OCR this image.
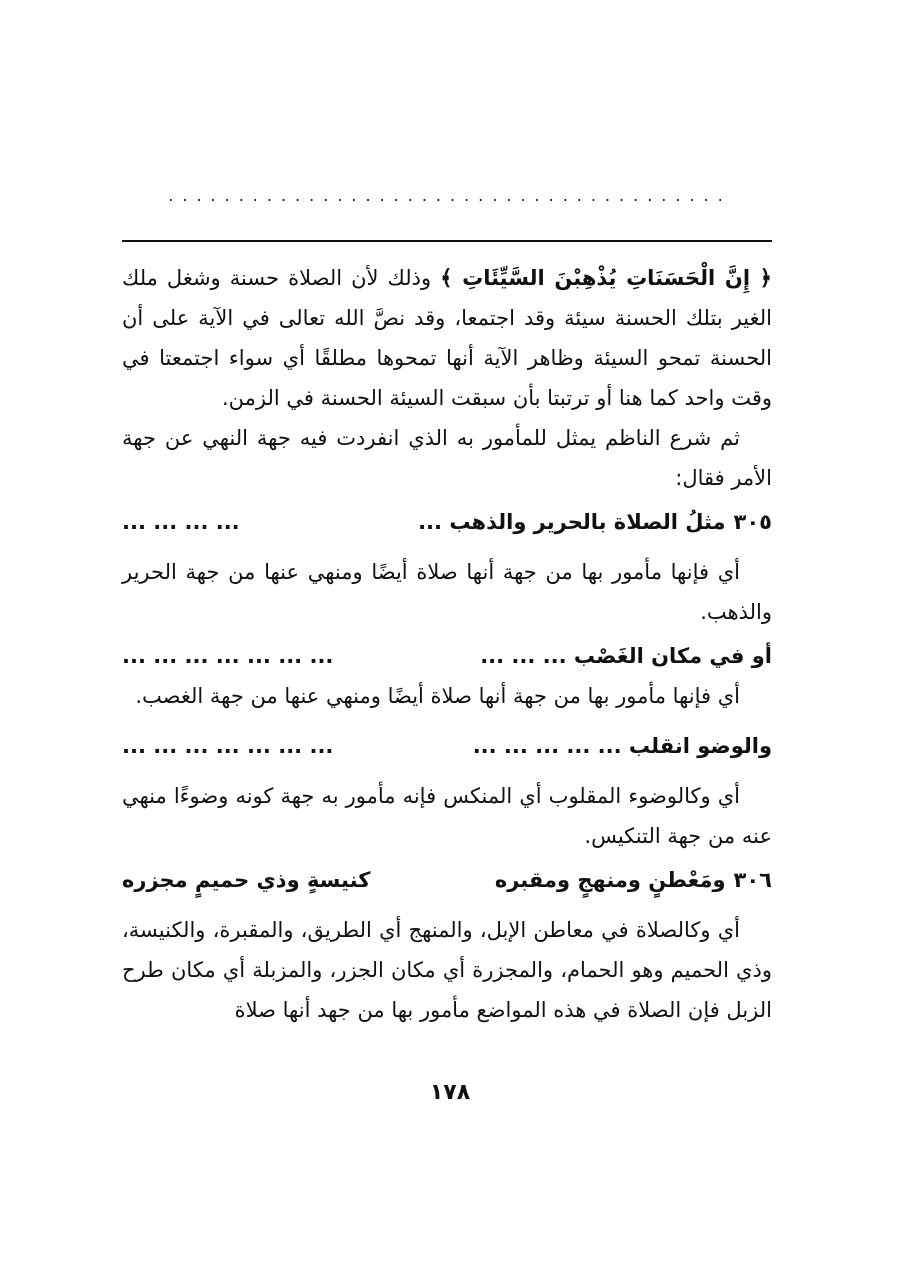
........................................

﴿ إِنَّ الْحَسَنَاتِ يُذْهِبْنَ السَّيِّئَاتِ ﴾ وذلك لأن الصلاة حسنة وشغل ملك الغير بتلك الحسنة سيئة وقد اجتمعا، وقد نصَّ الله تعالى في الآية على أن الحسنة تمحو السيئة وظاهر الآية أنها تمحوها مطلقًا أي سواء اجتمعتا في وقت واحد كما هنا أو ترتبتا بأن سبقت السيئة الحسنة في الزمن.

ثم شرع الناظم يمثل للمأمور به الذي انفردت فيه جهة النهي عن جهة الأمر فقال:

٣٠٥مثلُ الصلاة بالحرير والذهب ...
... ... ... ...

أي فإنها مأمور بها من جهة أنها صلاة أيضًا ومنهي عنها من جهة الحرير والذهب.

أو في مكان الغَصْب ... ... ...
... ... ... ... ... ... ...

أي فإنها مأمور بها من جهة أنها صلاة أيضًا ومنهي عنها من جهة الغصب.

والوضو انقلب ... ... ... ... ...
... ... ... ... ... ... ...

أي وكالوضوء المقلوب أي المنكس فإنه مأمور به جهة كونه وضوءًا منهي عنه من جهة التنكيس.

٣٠٦ومَعْطنٍ ومنهجٍ ومقبره
كنيسةٍ وذي حميمٍ مجزره

أي وكالصلاة في معاطن الإبل، والمنهج أي الطريق، والمقبرة، والكنيسة، وذي الحميم وهو الحمام، والمجزرة أي مكان الجزر، والمزبلة أي مكان طرح الزبل فإن الصلاة في هذه المواضع مأمور بها من جهد أنها صلاة

١٧٨
